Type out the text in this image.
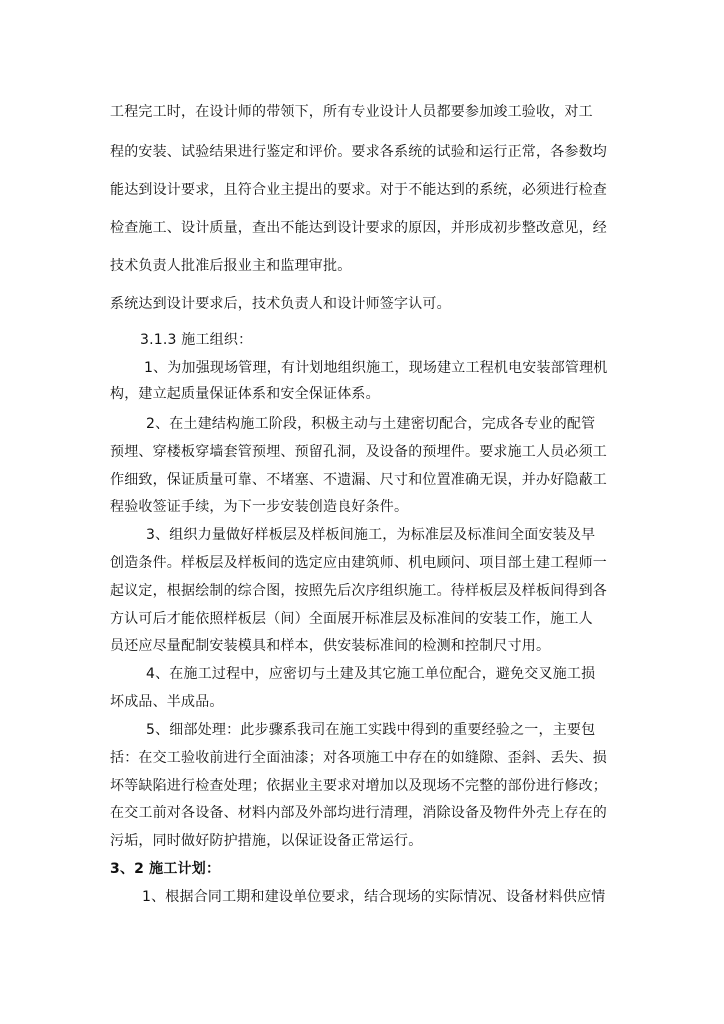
工程完工时，在设计师的带领下，所有专业设计人员都要参加竣工验收，对工
程的安装、试验结果进行鉴定和评价。要求各系统的试验和运行正常，各参数均
能达到设计要求，且符合业主提出的要求。对于不能达到的系统，必须进行检查
检查施工、设计质量，查出不能达到设计要求的原因，并形成初步整改意见，经
技术负责人批准后报业主和监理审批。
系统达到设计要求后，技术负责人和设计师签字认可。
3.1.3 施工组织：
1、为加强现场管理，有计划地组织施工，现场建立工程机电安装部管理机
构，建立起质量保证体系和安全保证体系。
2、在土建结构施工阶段，积极主动与土建密切配合，完成各专业的配管
预埋、穿楼板穿墙套管预埋、预留孔洞，及设备的预埋件。要求施工人员必须工
作细致，保证质量可靠、不堵塞、不遗漏、尺寸和位置准确无误，并办好隐蔽工
程验收签证手续，为下一步安装创造良好条件。
3、组织力量做好样板层及样板间施工，为标准层及标准间全面安装及早
创造条件。样板层及样板间的选定应由建筑师、机电顾问、项目部土建工程师一
起议定，根据绘制的综合图，按照先后次序组织施工。待样板层及样板间得到各
方认可后才能依照样板层（间）全面展开标准层及标准间的安装工作，施工人
员还应尽量配制安装模具和样本，供安装标准间的检测和控制尺寸用。
4、在施工过程中，应密切与土建及其它施工单位配合，避免交叉施工损
坏成品、半成品。
5、细部处理：此步骤系我司在施工实践中得到的重要经验之一，主要包
括：在交工验收前进行全面油漆；对各项施工中存在的如缝隙、歪斜、丢失、损
坏等缺陷进行检查处理；依据业主要求对增加以及现场不完整的部份进行修改；
在交工前对各设备、材料内部及外部均进行清理，消除设备及物件外壳上存在的
污垢，同时做好防护措施，以保证设备正常运行。
3、2 施工计划：
1、根据合同工期和建设单位要求，结合现场的实际情况、设备材料供应情
